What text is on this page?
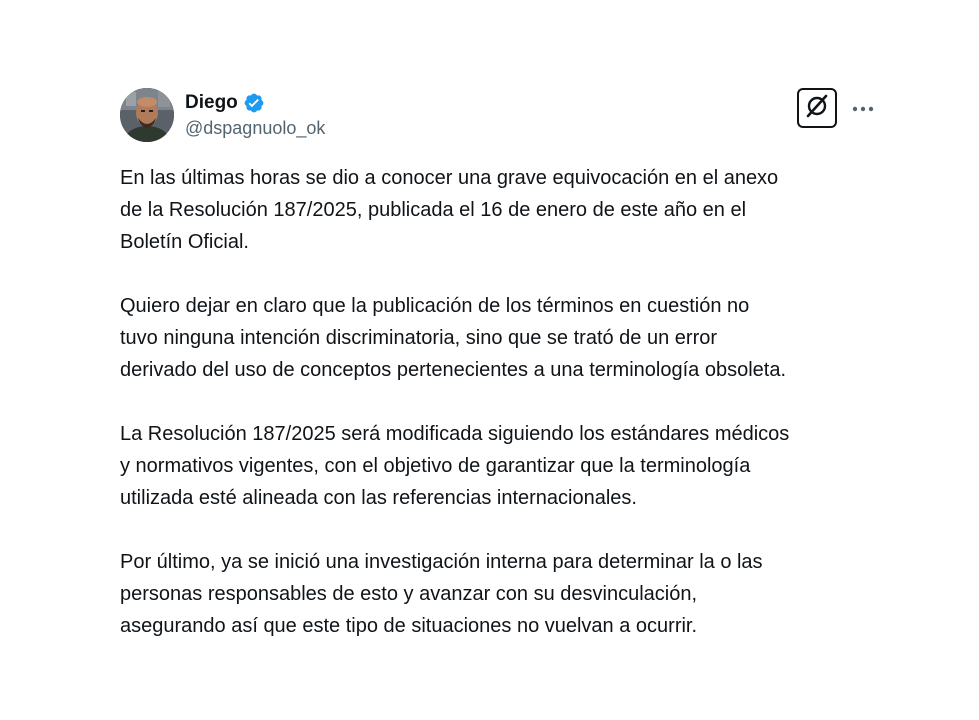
Diego
@dspagnuolo_ok

En las últimas horas se dio a conocer una grave equivocación en el anexo
de la Resolución 187/2025, publicada el 16 de enero de este año en el
Boletín Oficial.

Quiero dejar en claro que la publicación de los términos en cuestión no
tuvo ninguna intención discriminatoria, sino que se trató de un error
derivado del uso de conceptos pertenecientes a una terminología obsoleta.

La Resolución 187/2025 será modificada siguiendo los estándares médicos
y normativos vigentes, con el objetivo de garantizar que la terminología
utilizada esté alineada con las referencias internacionales.

Por último, ya se inició una investigación interna para determinar la o las
personas responsables de esto y avanzar con su desvinculación,
asegurando así que este tipo de situaciones no vuelvan a ocurrir.
